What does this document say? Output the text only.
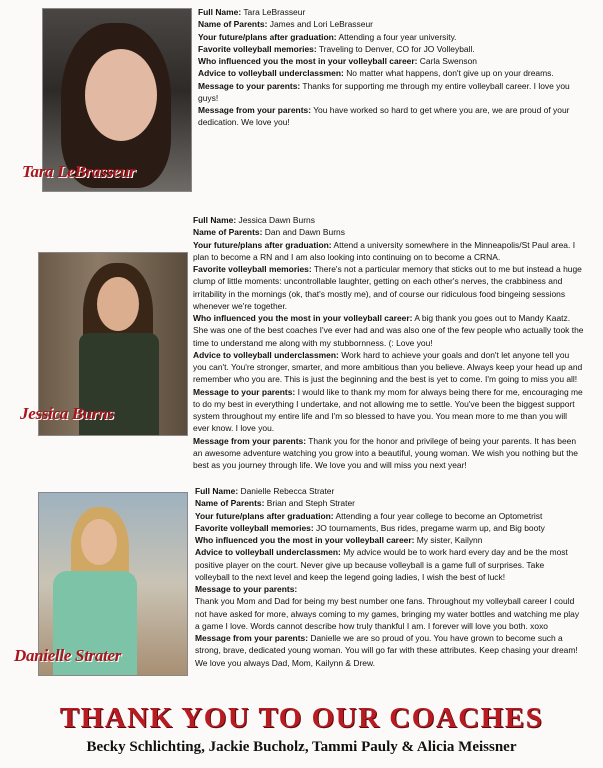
Tara LeBrasseur

Full Name: Tara LeBrasseur

Name of Parents: James and Lori LeBrasseur

Your future/plans after graduation: Attending a four year university.

Favorite volleyball memories: Traveling to Denver, CO for JO Volleyball.

Who influenced you the most in your volleyball career: Carla Swenson

Advice to volleyball underclassmen: No matter what happens, don't give up on your dreams.

Message to your parents: Thanks for supporting me through my entire volleyball career. I love you guys!

Message from your parents: You have worked so hard to get where you are, we are proud of your dedication. We love you!

Jessica Burns

Full Name: Jessica Dawn Burns

Name of Parents: Dan and Dawn Burns

Your future/plans after graduation: Attend a university somewhere in the Minneapolis/St Paul area. I plan to become a RN and I am also looking into continuing on to become a CRNA.

Favorite volleyball memories: There's not a particular memory that sticks out to me but instead a huge clump of little moments: uncontrollable laughter, getting on each other's nerves, the crabbiness and irritability in the mornings (ok, that's mostly me), and of course our ridiculous food bingeing sessions whenever we're together.

Who influenced you the most in your volleyball career: A big thank you goes out to Mandy Kaatz. She was one of the best coaches I've ever had and was also one of the few people who actually took the time to understand me along with my stubbornness. (: Love you!

Advice to volleyball underclassmen: Work hard to achieve your goals and don't let anyone tell you you can't. You're stronger, smarter, and more ambitious than you believe. Always keep your head up and remember who you are. This is just the beginning and the best is yet to come. I'm going to miss you all!

Message to your parents: I would like to thank my mom for always being there for me, encouraging me to do my best in everything I undertake, and not allowing me to settle. You've been the biggest support system throughout my entire life and I'm so blessed to have you. You mean more to me than you will ever know. I love you.

Message from your parents: Thank you for the honor and privilege of being your parents. It has been an awesome adventure watching you grow into a beautiful, young woman. We wish you nothing but the best as you journey through life. We love you and will miss you next year!

Danielle Strater

Full Name: Danielle Rebecca Strater

Name of Parents: Brian and Steph Strater

Your future/plans after graduation: Attending a four year college to become an Optometrist

Favorite volleyball memories: JO tournaments, Bus rides, pregame warm up, and Big booty

Who influenced you the most in your volleyball career: My sister, Kailynn

Advice to volleyball underclassmen: My advice would be to work hard every day and be the most positive player on the court. Never give up because volleyball is a game full of surprises. Take volleyball to the next level and keep the legend going ladies, I wish the best of luck!

Message to your parents:

Thank you Mom and Dad for being my best number one fans. Throughout my volleyball career I could not have asked for more, always coming to my games, bringing my water bottles and watching me play a game I love. Words cannot describe how truly thankful I am. I forever will love you both. xoxo

Message from your parents: Danielle we are so proud of you. You have grown to become such a strong, brave, dedicated young woman. You will go far with these attributes. Keep chasing your dream! We love you always Dad, Mom, Kailynn & Drew.

THANK YOU TO OUR COACHES
Becky Schlichting, Jackie Bucholz, Tammi Pauly & Alicia Meissner
